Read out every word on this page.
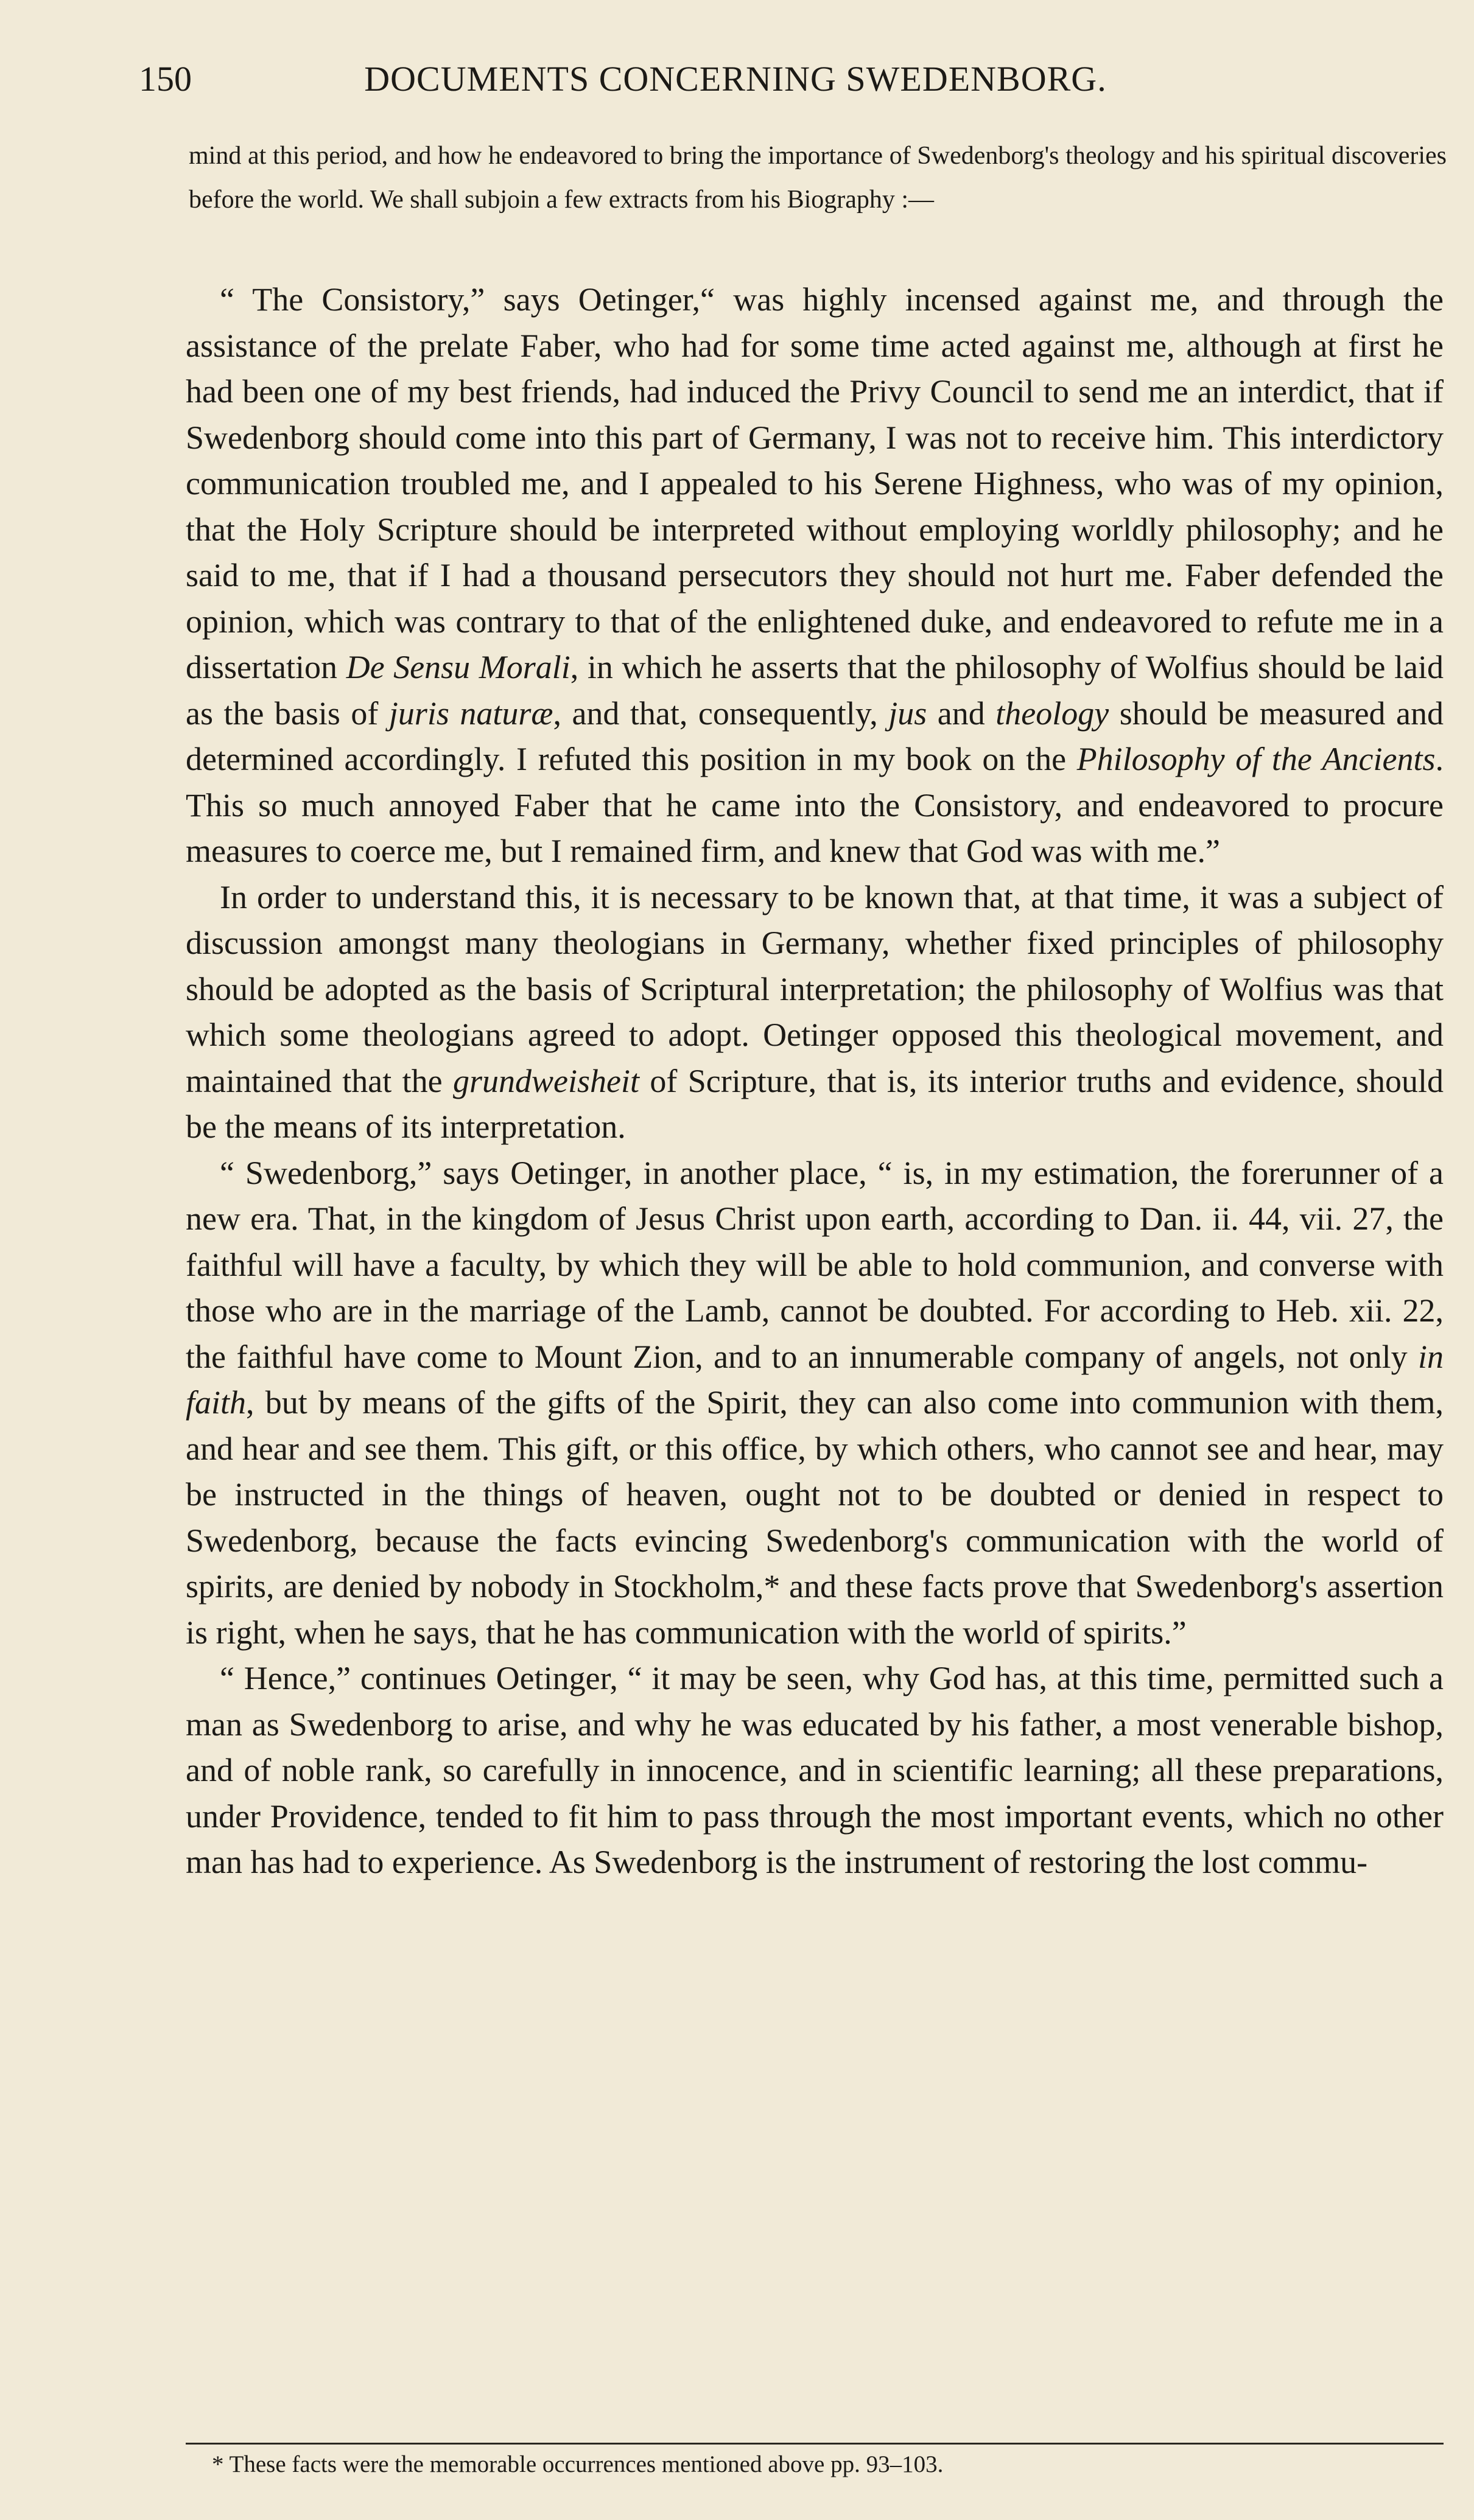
150	DOCUMENTS CONCERNING SWEDENBORG.

mind at this period, and how he endeavored to bring the importance of Swedenborg's theology and his spiritual discoveries before the world. We shall subjoin a few extracts from his Biography :—

“ The Consistory,” says Oetinger,“ was highly incensed against me, and through the assistance of the prelate Faber, who had for some time acted against me, although at first he had been one of my best friends, had induced the Privy Council to send me an interdict, that if Swedenborg should come into this part of Germany, I was not to receive him. This interdictory communication troubled me, and I appealed to his Serene Highness, who was of my opinion, that the Holy Scripture should be interpreted without employing worldly philosophy; and he said to me, that if I had a thousand persecutors they should not hurt me. Faber defended the opinion, which was contrary to that of the enlightened duke, and endeavored to refute me in a dissertation De Sensu Morali, in which he asserts that the philosophy of Wolfius should be laid as the basis of juris naturæ, and that, consequently, jus and theology should be measured and determined accordingly. I refuted this position in my book on the Philosophy of the Ancients. This so much annoyed Faber that he came into the Consistory, and endeavored to procure measures to coerce me, but I remained firm, and knew that God was with me.”

In order to understand this, it is necessary to be known that, at that time, it was a subject of discussion amongst many theologians in Germany, whether fixed principles of philosophy should be adopted as the basis of Scriptural interpretation; the philosophy of Wolfius was that which some theologians agreed to adopt. Oetinger opposed this theological movement, and maintained that the grundweisheit of Scripture, that is, its interior truths and evidence, should be the means of its interpretation.

“ Swedenborg,” says Oetinger, in another place, “ is, in my estimation, the forerunner of a new era. That, in the kingdom of Jesus Christ upon earth, according to Dan. ii. 44, vii. 27, the faithful will have a faculty, by which they will be able to hold communion, and converse with those who are in the marriage of the Lamb, cannot be doubted. For according to Heb. xii. 22, the faithful have come to Mount Zion, and to an innumerable company of angels, not only in faith, but by means of the gifts of the Spirit, they can also come into communion with them, and hear and see them. This gift, or this office, by which others, who cannot see and hear, may be instructed in the things of heaven, ought not to be doubted or denied in respect to Swedenborg, because the facts evincing Swedenborg's communication with the world of spirits, are denied by nobody in Stockholm,* and these facts prove that Swedenborg's assertion is right, when he says, that he has communication with the world of spirits.”

“ Hence,” continues Oetinger, “ it may be seen, why God has, at this time, permitted such a man as Swedenborg to arise, and why he was educated by his father, a most venerable bishop, and of noble rank, so carefully in innocence, and in scientific learning; all these preparations, under Providence, tended to fit him to pass through the most important events, which no other man has had to experience. As Swedenborg is the instrument of restoring the lost commu-

* These facts were the memorable occurrences mentioned above pp. 93–103.
